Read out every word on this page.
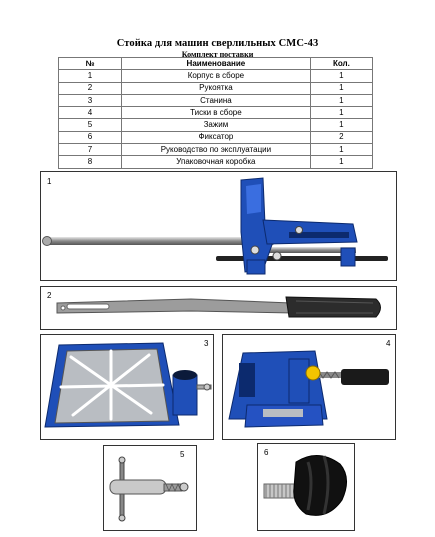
Стойка для машин сверлильных СМС-43
Комплект поставки
№	Наименование	Кол.
1	Корпус в сборе	1
2	Рукоятка	1
3	Станина	1
4	Тиски в сборе	1
5	Зажим	1
6	Фиксатор	2
7	Руководство по эксплуатации	1
8	Упаковочная коробка	1
1
2
3	4
5	6
